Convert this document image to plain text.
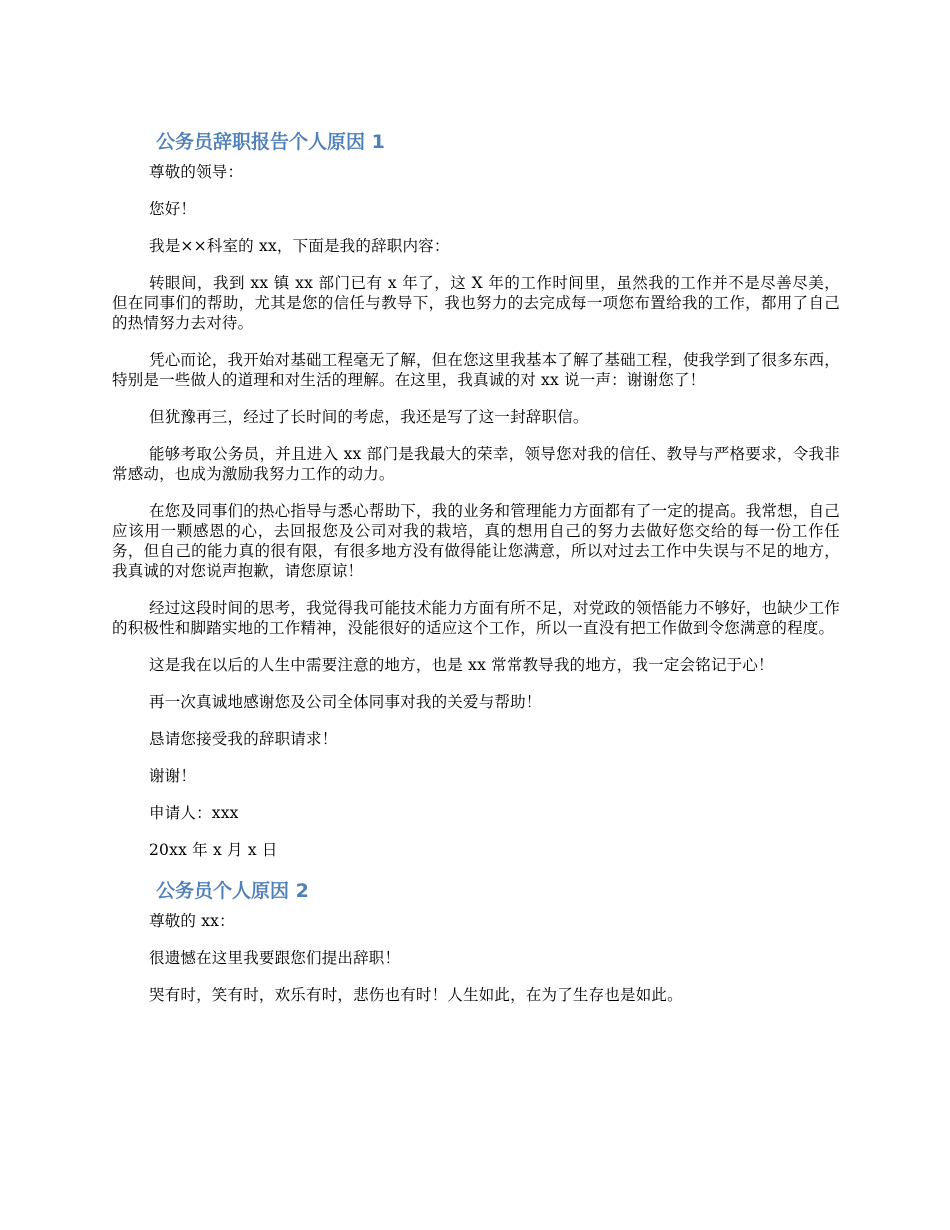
公务员辞职报告个人原因 1

尊敬的领导：

您好！

我是××科室的 xx，下面是我的辞职内容：

转眼间，我到 xx 镇 xx 部门已有 x 年了，这 X 年的工作时间里，虽然我的工作并不是尽善尽美，但在同事们的帮助，尤其是您的信任与教导下，我也努力的去完成每一项您布置给我的工作，都用了自己的热情努力去对待。

凭心而论，我开始对基础工程毫无了解，但在您这里我基本了解了基础工程，使我学到了很多东西，特别是一些做人的道理和对生活的理解。在这里，我真诚的对 xx 说一声：谢谢您了！

但犹豫再三，经过了长时间的考虑，我还是写了这一封辞职信。

能够考取公务员，并且进入 xx 部门是我最大的荣幸，领导您对我的信任、教导与严格要求，令我非常感动，也成为激励我努力工作的动力。

在您及同事们的热心指导与悉心帮助下，我的业务和管理能力方面都有了一定的提高。我常想，自己应该用一颗感恩的心，去回报您及公司对我的栽培，真的想用自己的努力去做好您交给的每一份工作任务，但自己的能力真的很有限，有很多地方没有做得能让您满意，所以对过去工作中失误与不足的地方，我真诚的对您说声抱歉，请您原谅！

经过这段时间的思考，我觉得我可能技术能力方面有所不足，对党政的领悟能力不够好，也缺少工作的积极性和脚踏实地的工作精神，没能很好的适应这个工作，所以一直没有把工作做到令您满意的程度。

这是我在以后的人生中需要注意的地方，也是 xx 常常教导我的地方，我一定会铭记于心！

再一次真诚地感谢您及公司全体同事对我的关爱与帮助！

恳请您接受我的辞职请求！

谢谢！

申请人：xxx

20xx 年 x 月 x 日

公务员个人原因 2

尊敬的 xx：

很遗憾在这里我要跟您们提出辞职！

哭有时，笑有时，欢乐有时，悲伤也有时！人生如此，在为了生存也是如此。
